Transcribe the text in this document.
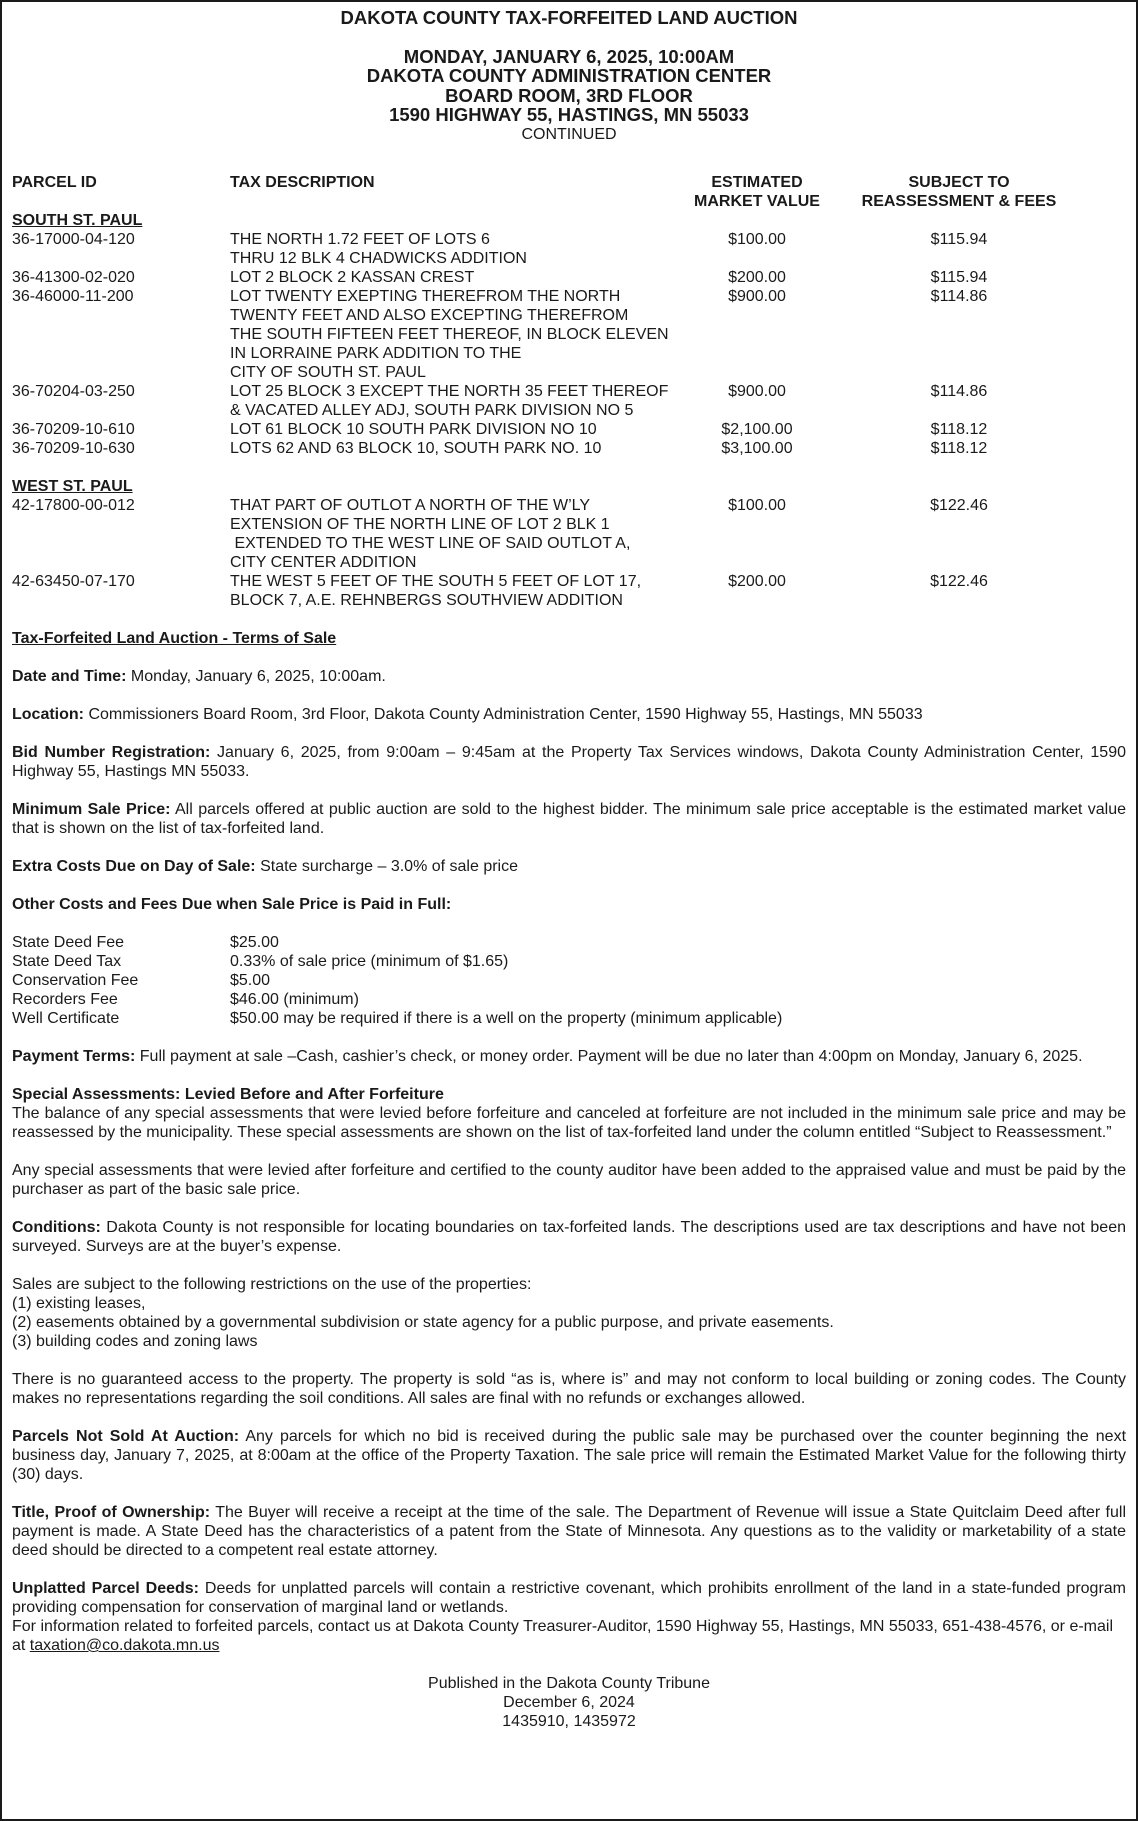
DAKOTA COUNTY TAX-FORFEITED LAND AUCTION
MONDAY, JANUARY 6, 2025, 10:00AM
DAKOTA COUNTY ADMINISTRATION CENTER
BOARD ROOM, 3RD FLOOR
1590 HIGHWAY 55, HASTINGS, MN 55033
CONTINUED
PARCEL ID	TAX DESCRIPTION	ESTIMATED
MARKET VALUE
SUBJECT TO
REASSESSMENT & FEES
SOUTH ST. PAUL
36-17000-04-120	THE NORTH 1.72 FEET OF LOTS 6
THRU 12 BLK 4 CHADWICKS ADDITION
$100.00	$115.94
36-41300-02-020	LOT 2 BLOCK 2 KASSAN CREST	$200.00	$115.94
36-46000-11-200	LOT TWENTY EXEPTING THEREFROM THE NORTH
TWENTY FEET AND ALSO EXCEPTING THEREFROM
THE SOUTH FIFTEEN FEET THEREOF, IN BLOCK ELEVEN
IN LORRAINE PARK ADDITION TO THE
CITY OF SOUTH ST. PAUL
$900.00	$114.86
36-70204-03-250	LOT 25 BLOCK 3 EXCEPT THE NORTH 35 FEET THEREOF
& VACATED ALLEY ADJ, SOUTH PARK DIVISION NO 5
$900.00	$114.86
36-70209-10-610	LOT 61 BLOCK 10 SOUTH PARK DIVISION NO 10	$2,100.00	$118.12
36-70209-10-630	LOTS 62 AND 63 BLOCK 10, SOUTH PARK NO. 10	$3,100.00	$118.12
WEST ST. PAUL
42-17800-00-012	THAT PART OF OUTLOT A NORTH OF THE W’LY
EXTENSION OF THE NORTH LINE OF LOT 2 BLK 1
EXTENDED TO THE WEST LINE OF SAID OUTLOT A,
CITY CENTER ADDITION
$100.00	$122.46
42-63450-07-170	THE WEST 5 FEET OF THE SOUTH 5 FEET OF LOT 17,
BLOCK 7, A.E. REHNBERGS SOUTHVIEW ADDITION
$200.00	$122.46
Tax-Forfeited Land Auction - Terms of Sale
Date and Time: Monday, January 6, 2025, 10:00am.
Location: Commissioners Board Room, 3rd Floor, Dakota County Administration Center, 1590 Highway 55, Hastings, MN 55033
Bid Number Registration: January 6, 2025, from 9:00am – 9:45am at the Property Tax Services windows, Dakota County Administration Center, 1590 Highway 55, Hastings MN 55033.
Minimum Sale Price: All parcels offered at public auction are sold to the highest bidder. The minimum sale price acceptable is the estimated market value that is shown on the list of tax-forfeited land.
Extra Costs Due on Day of Sale: State surcharge – 3.0% of sale price
Other Costs and Fees Due when Sale Price is Paid in Full:
State Deed Fee	$25.00
State Deed Tax	0.33% of sale price (minimum of $1.65)
Conservation Fee	$5.00
Recorders Fee	$46.00 (minimum)
Well Certificate	$50.00 may be required if there is a well on the property (minimum applicable)
Payment Terms: Full payment at sale –Cash, cashier’s check, or money order. Payment will be due no later than 4:00pm on Monday, January 6, 2025.
Special Assessments: Levied Before and After Forfeiture
The balance of any special assessments that were levied before forfeiture and canceled at forfeiture are not included in the minimum sale price and may be reassessed by the municipality. These special assessments are shown on the list of tax-forfeited land under the column entitled “Subject to Reassessment.”
Any special assessments that were levied after forfeiture and certified to the county auditor have been added to the appraised value and must be paid by the purchaser as part of the basic sale price.
Conditions: Dakota County is not responsible for locating boundaries on tax-forfeited lands. The descriptions used are tax descriptions and have not been surveyed. Surveys are at the buyer’s expense.
Sales are subject to the following restrictions on the use of the properties:
(1) existing leases,
(2) easements obtained by a governmental subdivision or state agency for a public purpose, and private easements.
(3) building codes and zoning laws
There is no guaranteed access to the property. The property is sold “as is, where is” and may not conform to local building or zoning codes. The County makes no representations regarding the soil conditions. All sales are final with no refunds or exchanges allowed.
Parcels Not Sold At Auction: Any parcels for which no bid is received during the public sale may be purchased over the counter beginning the next business day, January 7, 2025, at 8:00am at the office of the Property Taxation. The sale price will remain the Estimated Market Value for the following thirty (30) days.
Title, Proof of Ownership: The Buyer will receive a receipt at the time of the sale. The Department of Revenue will issue a State Quitclaim Deed after full payment is made. A State Deed has the characteristics of a patent from the State of Minnesota. Any questions as to the validity or marketability of a state deed should be directed to a competent real estate attorney.
Unplatted Parcel Deeds: Deeds for unplatted parcels will contain a restrictive covenant, which prohibits enrollment of the land in a state-funded program providing compensation for conservation of marginal land or wetlands.
For information related to forfeited parcels, contact us at Dakota County Treasurer-Auditor, 1590 Highway 55, Hastings, MN 55033, 651-438-4576, or e-mail at taxation@co.dakota.mn.us
Published in the Dakota County Tribune
December 6, 2024
1435910, 1435972
